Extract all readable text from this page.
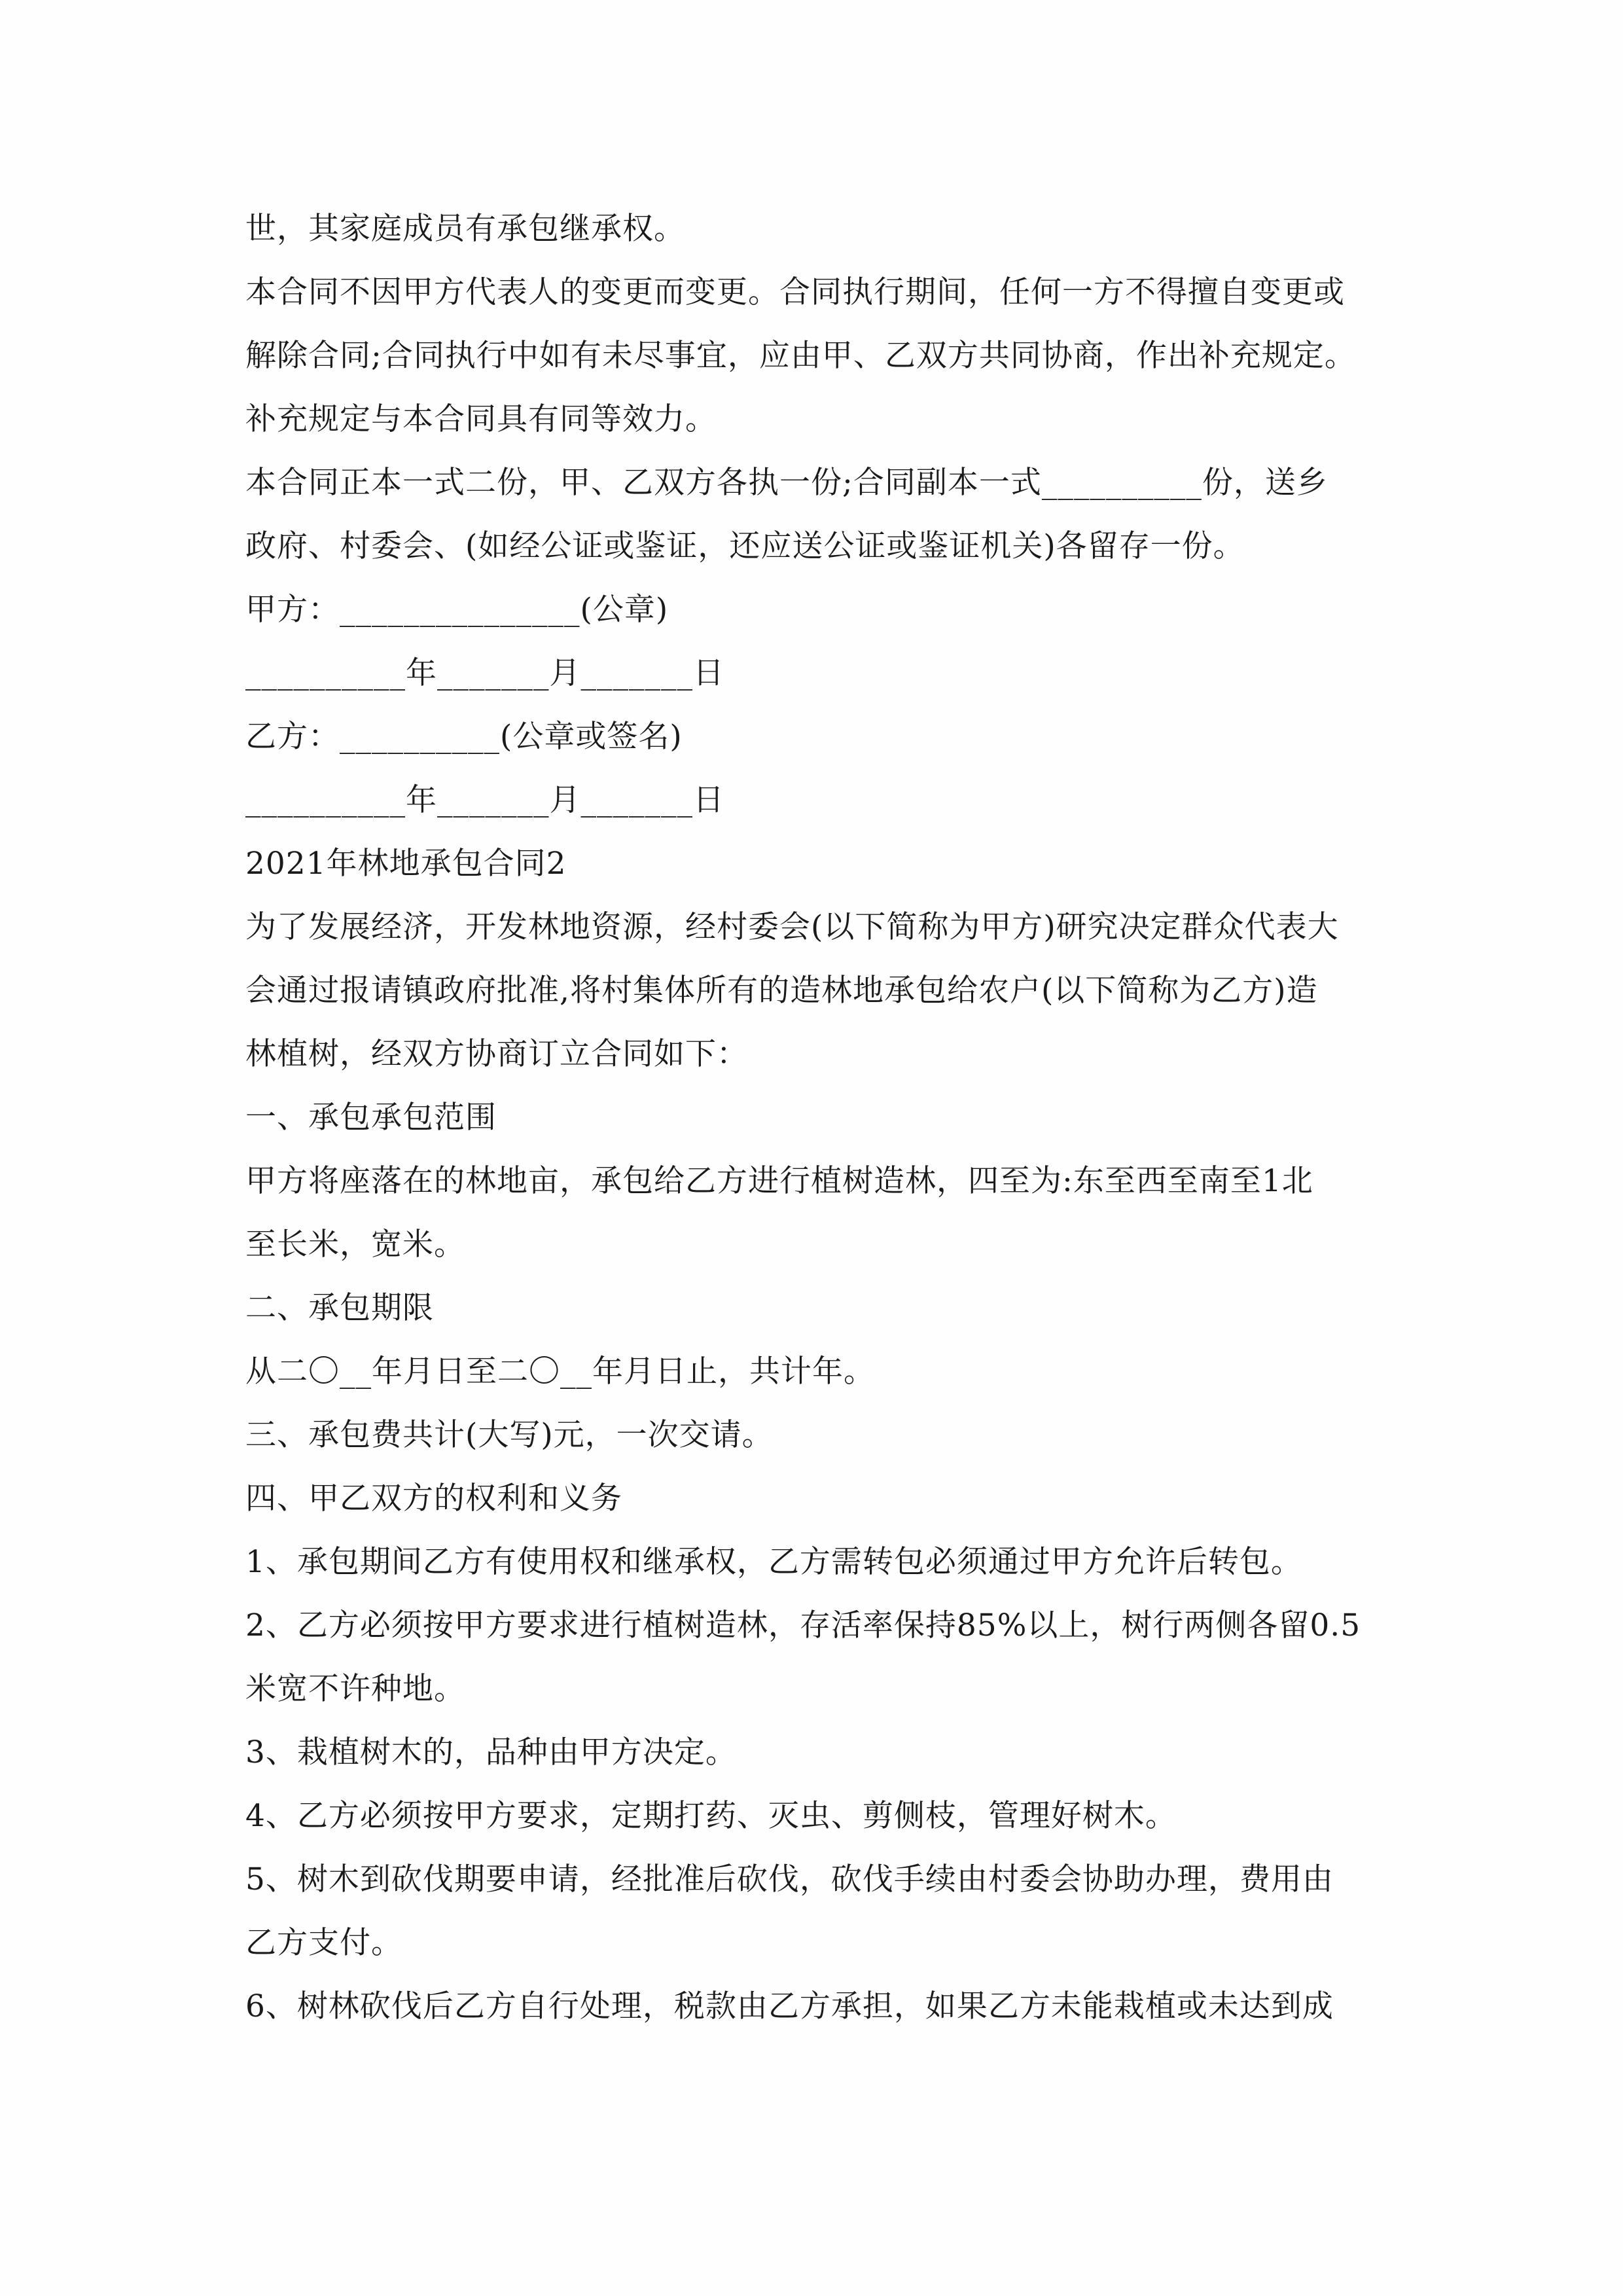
世，其家庭成员有承包继承权。
本合同不因甲方代表人的变更而变更。合同执行期间，任何一方不得擅自变更或
解除合同;合同执行中如有未尽事宜，应由甲、乙双方共同协商，作出补充规定。
补充规定与本合同具有同等效力。
本合同正本一式二份，甲、乙双方各执一份;合同副本一式__________份，送乡
政府、村委会、(如经公证或鉴证，还应送公证或鉴证机关)各留存一份。
甲方：_______________(公章)
__________年_______月_______日
乙方：__________(公章或签名)
__________年_______月_______日
2021年林地承包合同2
为了发展经济，开发林地资源，经村委会(以下简称为甲方)研究决定群众代表大
会通过报请镇政府批准,将村集体所有的造林地承包给农户(以下简称为乙方)造
林植树，经双方协商订立合同如下：
一、承包承包范围
甲方将座落在的林地亩，承包给乙方进行植树造林，四至为:东至西至南至1北
至长米，宽米。
二、承包期限
从二〇__年月日至二〇__年月日止，共计年。
三、承包费共计(大写)元，一次交请。
四、甲乙双方的权利和义务
1、承包期间乙方有使用权和继承权，乙方需转包必须通过甲方允许后转包。
2、乙方必须按甲方要求进行植树造林，存活率保持85%以上，树行两侧各留0.5
米宽不许种地。
3、栽植树木的，品种由甲方决定。
4、乙方必须按甲方要求，定期打药、灭虫、剪侧枝，管理好树木。
5、树木到砍伐期要申请，经批准后砍伐，砍伐手续由村委会协助办理，费用由
乙方支付。
6、树林砍伐后乙方自行处理，税款由乙方承担，如果乙方未能栽植或未达到成
